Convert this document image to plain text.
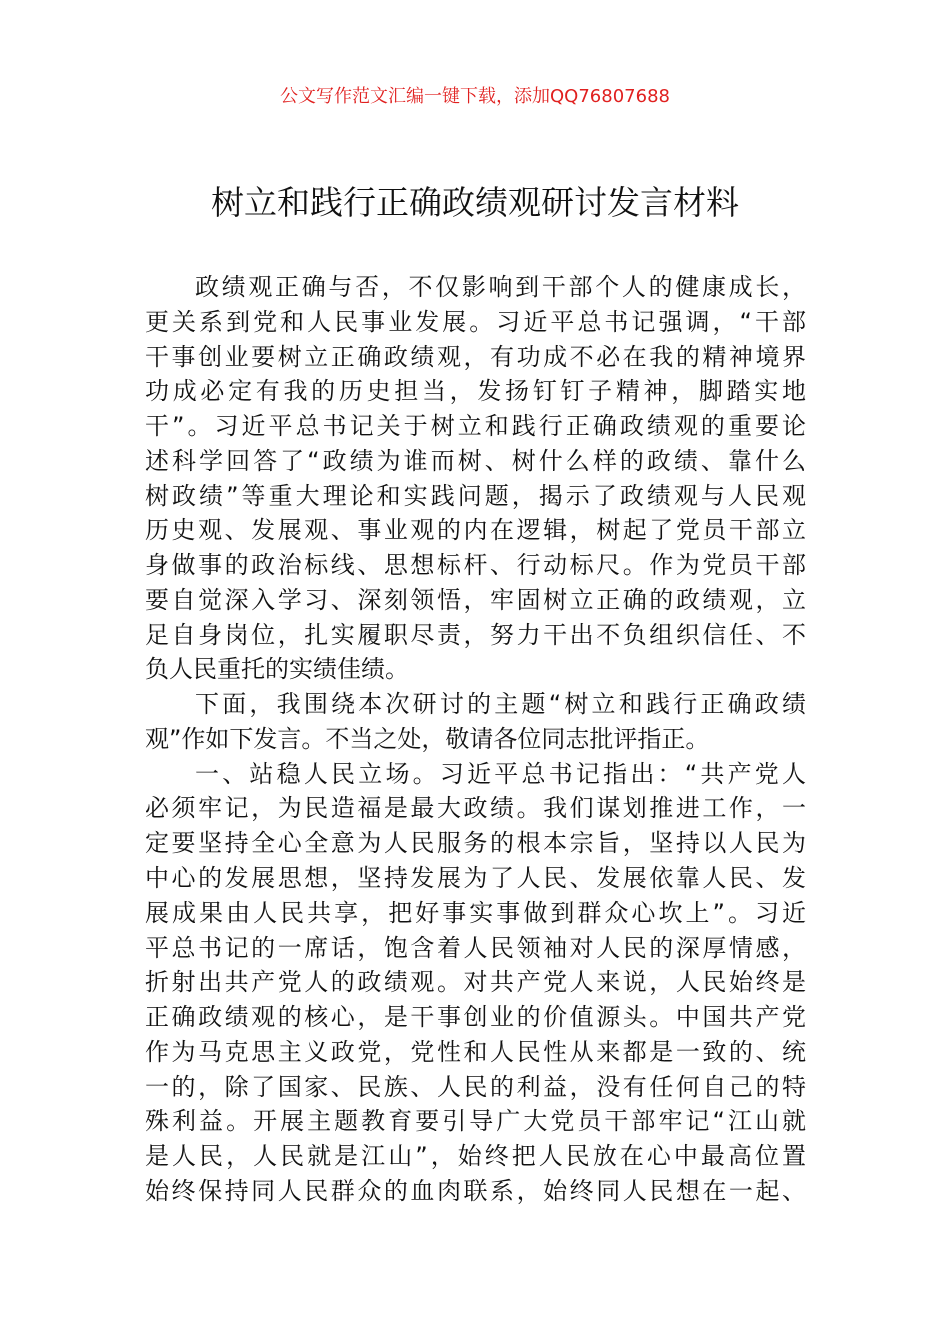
公文写作范文汇编一键下载，添加QQ76807688
树立和践行正确政绩观研讨发言材料
政绩观正确与否，不仅影响到干部个人的健康成长，
更关系到党和人民事业发展。习近平总书记强调，“干部
干事创业要树立正确政绩观，有功成不必在我的精神境界
功成必定有我的历史担当，发扬钉钉子精神，脚踏实地
干”。习近平总书记关于树立和践行正确政绩观的重要论
述科学回答了“政绩为谁而树、树什么样的政绩、靠什么
树政绩”等重大理论和实践问题，揭示了政绩观与人民观
历史观、发展观、事业观的内在逻辑，树起了党员干部立
身做事的政治标线、思想标杆、行动标尺。作为党员干部
要自觉深入学习、深刻领悟，牢固树立正确的政绩观，立
足自身岗位，扎实履职尽责，努力干出不负组织信任、不
负人民重托的实绩佳绩。
下面，我围绕本次研讨的主题“树立和践行正确政绩
观”作如下发言。不当之处，敬请各位同志批评指正。
一、站稳人民立场。习近平总书记指出：“共产党人
必须牢记，为民造福是最大政绩。我们谋划推进工作，一
定要坚持全心全意为人民服务的根本宗旨，坚持以人民为
中心的发展思想，坚持发展为了人民、发展依靠人民、发
展成果由人民共享，把好事实事做到群众心坎上”。习近
平总书记的一席话，饱含着人民领袖对人民的深厚情感，
折射出共产党人的政绩观。对共产党人来说，人民始终是
正确政绩观的核心，是干事创业的价值源头。中国共产党
作为马克思主义政党，党性和人民性从来都是一致的、统
一的，除了国家、民族、人民的利益，没有任何自己的特
殊利益。开展主题教育要引导广大党员干部牢记“江山就
是人民，人民就是江山”，始终把人民放在心中最高位置
始终保持同人民群众的血肉联系，始终同人民想在一起、
